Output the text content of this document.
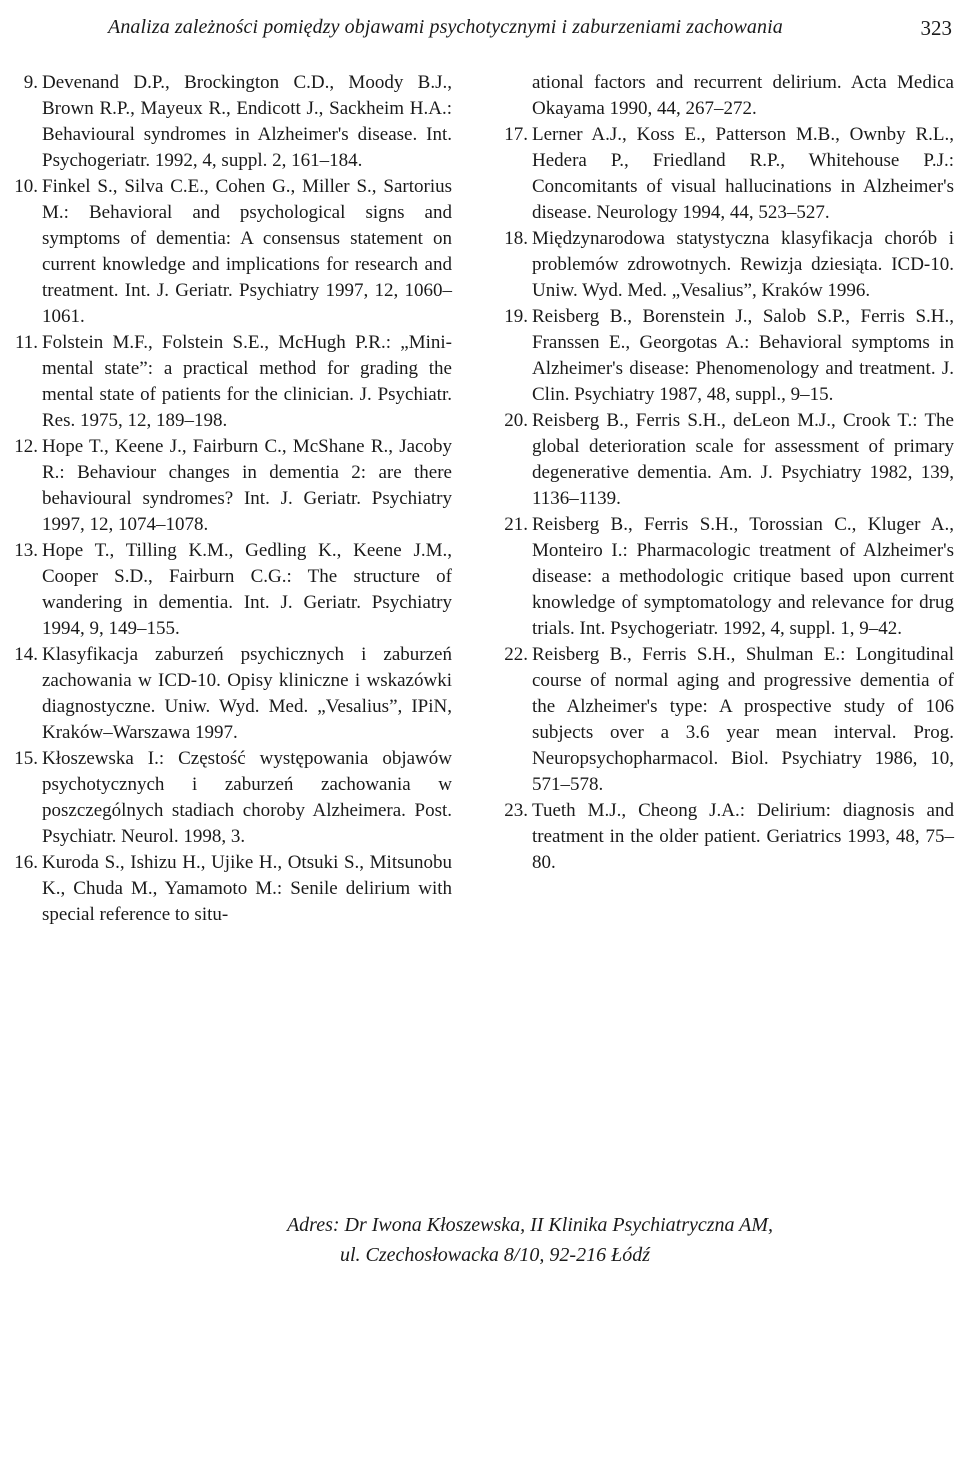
Analiza zależności pomiędzy objawami psychotycznymi i zaburzeniami zachowania	323

9. Devenand D.P., Brockington C.D., Moody B.J., Brown R.P., Mayeux R., Endicott J., Sackheim H.A.: Behavioural syndromes in Alzheimer's disease. Int. Psychogeriatr. 1992, 4, suppl. 2, 161–184.

10. Finkel S., Silva C.E., Cohen G., Miller S., Sartorius M.: Behavioral and psychological signs and symptoms of dementia: A consensus statement on current knowledge and implications for research and treatment. Int. J. Geriatr. Psychiatry 1997, 12, 1060–1061.

11. Folstein M.F., Folstein S.E., McHugh P.R.: „Mini-mental state”: a practical method for grading the mental state of patients for the clinician. J. Psychiatr. Res. 1975, 12, 189–198.

12. Hope T., Keene J., Fairburn C., McShane R., Jacoby R.: Behaviour changes in dementia 2: are there behavioural syndromes? Int. J. Geriatr. Psychiatry 1997, 12, 1074–1078.

13. Hope T., Tilling K.M., Gedling K., Keene J.M., Cooper S.D., Fairburn C.G.: The structure of wandering in dementia. Int. J. Geriatr. Psychiatry 1994, 9, 149–155.

14. Klasyfikacja zaburzeń psychicznych i zaburzeń zachowania w ICD-10. Opisy kliniczne i wskazówki diagnostyczne. Uniw. Wyd. Med. „Vesalius”, IPiN, Kraków–Warszawa 1997.

15. Kłoszewska I.: Częstość występowania objawów psychotycznych i zaburzeń zachowania w poszczególnych stadiach choroby Alzheimera. Post. Psychiatr. Neurol. 1998, 3.

16. Kuroda S., Ishizu H., Ujike H., Otsuki S., Mitsunobu K., Chuda M., Yamamoto M.: Senile delirium with special reference to situ-

ational factors and recurrent delirium. Acta Medica Okayama 1990, 44, 267–272.

17. Lerner A.J., Koss E., Patterson M.B., Ownby R.L., Hedera P., Friedland R.P., Whitehouse P.J.: Concomitants of visual hallucinations in Alzheimer's disease. Neurology 1994, 44, 523–527.

18. Międzynarodowa statystyczna klasyfikacja chorób i problemów zdrowotnych. Rewizja dziesiąta. ICD-10. Uniw. Wyd. Med. „Vesalius”, Kraków 1996.

19. Reisberg B., Borenstein J., Salob S.P., Ferris S.H., Franssen E., Georgotas A.: Behavioral symptoms in Alzheimer's disease: Phenomenology and treatment. J. Clin. Psychiatry 1987, 48, suppl., 9–15.

20. Reisberg B., Ferris S.H., deLeon M.J., Crook T.: The global deterioration scale for assessment of primary degenerative dementia. Am. J. Psychiatry 1982, 139, 1136–1139.

21. Reisberg B., Ferris S.H., Torossian C., Kluger A., Monteiro I.: Pharmacologic treatment of Alzheimer's disease: a methodologic critique based upon current knowledge of symptomatology and relevance for drug trials. Int. Psychogeriatr. 1992, 4, suppl. 1, 9–42.

22. Reisberg B., Ferris S.H., Shulman E.: Longitudinal course of normal aging and progressive dementia of the Alzheimer's type: A prospective study of 106 subjects over a 3.6 year mean interval. Prog. Neuropsychopharmacol. Biol. Psychiatry 1986, 10, 571–578.

23. Tueth M.J., Cheong J.A.: Delirium: diagnosis and treatment in the older patient. Geriatrics 1993, 48, 75–80.

Adres: Dr Iwona Kłoszewska, II Klinika Psychiatryczna AM,
ul. Czechosłowacka 8/10, 92-216 Łódź
